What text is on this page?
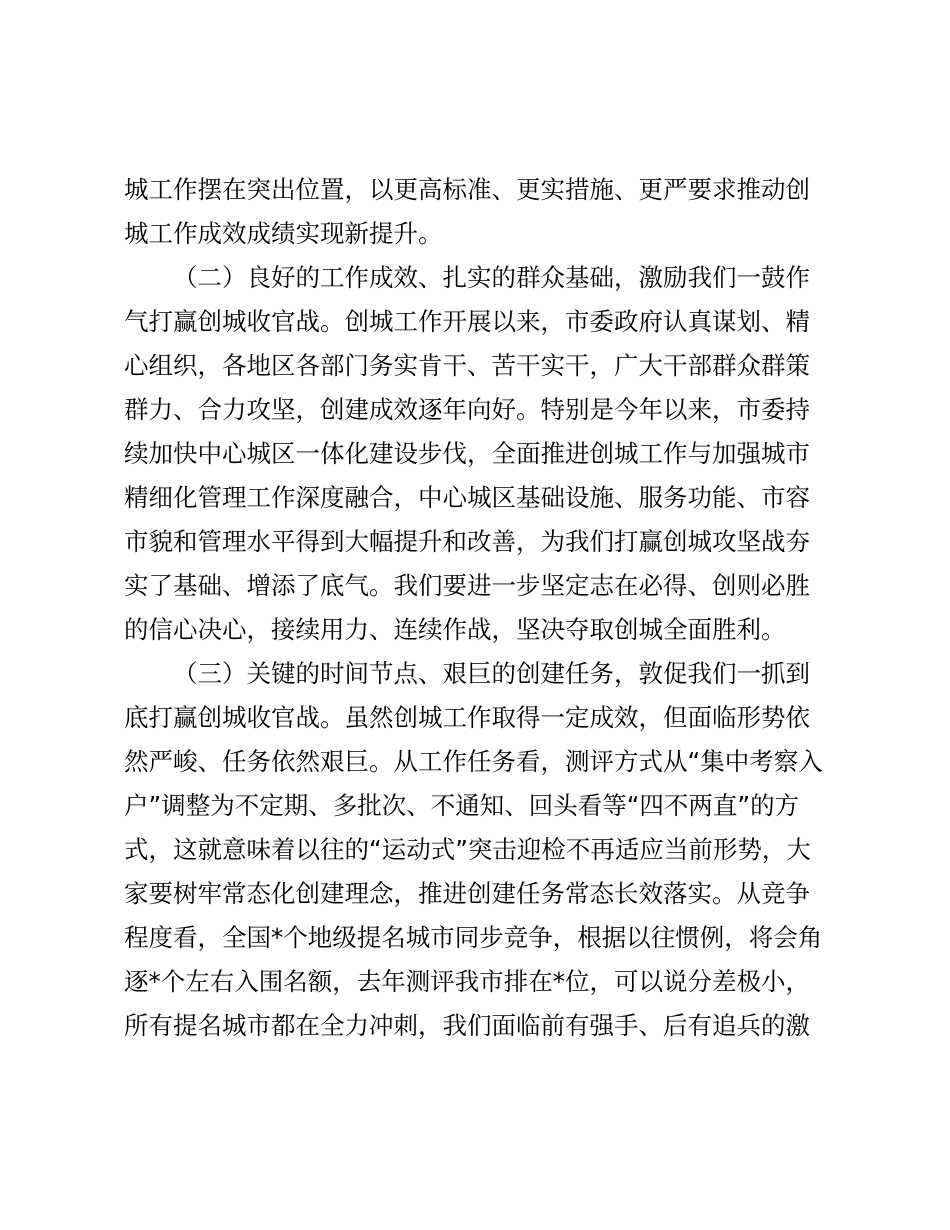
城工作摆在突出位置，以更高标准、更实措施、更严要求推动创
城工作成效成绩实现新提升。
（二）良好的工作成效、扎实的群众基础，激励我们一鼓作
气打赢创城收官战。创城工作开展以来，市委政府认真谋划、精
心组织，各地区各部门务实肯干、苦干实干，广大干部群众群策
群力、合力攻坚，创建成效逐年向好。特别是今年以来，市委持
续加快中心城区一体化建设步伐，全面推进创城工作与加强城市
精细化管理工作深度融合，中心城区基础设施、服务功能、市容
市貌和管理水平得到大幅提升和改善，为我们打赢创城攻坚战夯
实了基础、增添了底气。我们要进一步坚定志在必得、创则必胜
的信心决心，接续用力、连续作战，坚决夺取创城全面胜利。
（三）关键的时间节点、艰巨的创建任务，敦促我们一抓到
底打赢创城收官战。虽然创城工作取得一定成效，但面临形势依
然严峻、任务依然艰巨。从工作任务看，测评方式从“集中考察入
户”调整为不定期、多批次、不通知、回头看等“四不两直”的方
式，这就意味着以往的“运动式”突击迎检不再适应当前形势，大
家要树牢常态化创建理念，推进创建任务常态长效落实。从竞争
程度看，全国*个地级提名城市同步竞争，根据以往惯例，将会角
逐*个左右入围名额，去年测评我市排在*位，可以说分差极小，
所有提名城市都在全力冲刺，我们面临前有强手、后有追兵的激
